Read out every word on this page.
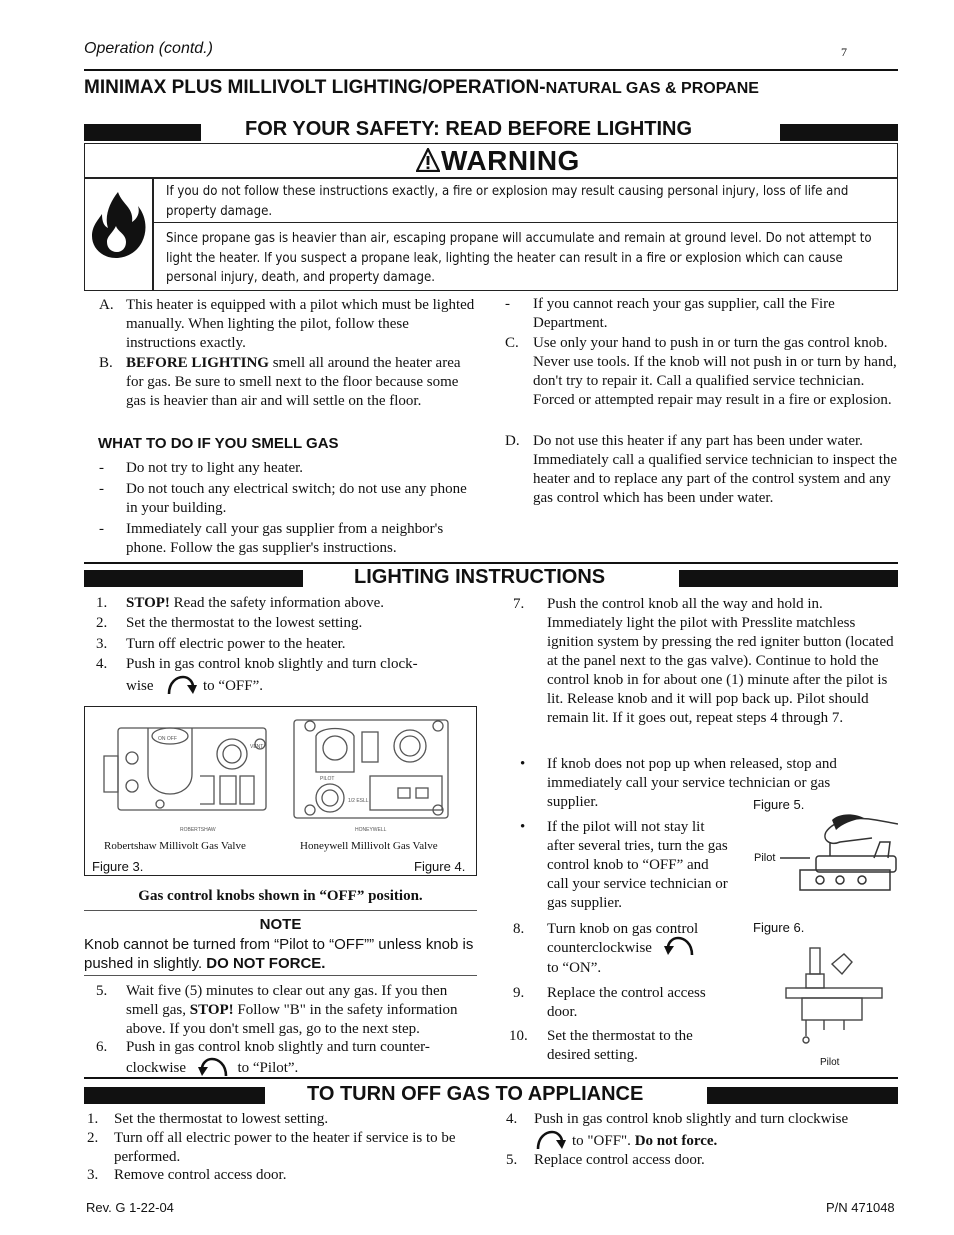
Operation (contd.)	7
MINIMAX PLUS MILLIVOLT LIGHTING/OPERATION-NATURAL GAS & PROPANE
FOR YOUR SAFETY: READ BEFORE LIGHTING
WARNING
If you do not follow these instructions exactly, a fire or explosion may result causing personal injury, loss of life and property damage.
Since propane gas is heavier than air, escaping propane will accumulate and remain at ground level. Do not attempt to light the heater. If you suspect a propane leak, lighting the heater can result in a fire or explosion which can cause personal injury, death, and property damage.
A. This heater is equipped with a pilot which must be lighted manually. When lighting the pilot, follow these instructions exactly.
B. BEFORE LIGHTING smell all around the heater area for gas. Be sure to smell next to the floor because some gas is heavier than air and will settle on the floor.
WHAT TO DO IF YOU SMELL GAS
- Do not try to light any heater.
- Do not touch any electrical switch; do not use any phone in your building.
- Immediately call your gas supplier from a neighbor's phone. Follow the gas supplier's instructions.
- If you cannot reach your gas supplier, call the Fire Department.
C. Use only your hand to push in or turn the gas control knob. Never use tools. If the knob will not push in or turn by hand, don't try to repair it. Call a qualified service technician. Forced or attempted repair may result in a fire or explosion.
D. Do not use this heater if any part has been under water. Immediately call a qualified service technician to inspect the heater and to replace any part of the control system and any gas control which has been under water.
LIGHTING INSTRUCTIONS
1. STOP! Read the safety information above.
2. Set the thermostat to the lowest setting.
3. Turn off electric power to the heater.
4. Push in gas control knob slightly and turn clock-
wise	to “OFF”.
VENT
ON OFF
ROBERTSHAW
PILOT
1/2 ESLL
HONEYWELL
Robertshaw Millivolt Gas Valve	Honeywell Millivolt Gas Valve
Figure 3.	Figure 4.
Gas control knobs shown in “OFF” position.
NOTE
Knob cannot be turned from “Pilot to “OFF”” unless knob is pushed in slightly. DO NOT FORCE.
5. Wait five (5) minutes to clear out any gas. If you then smell gas, STOP! Follow "B" in the safety information above. If you don't smell gas, go to the next step.
6. Push in gas control knob slightly and turn counter-
clockwise	to “Pilot”.
7. Push the control knob all the way and hold in. Immediately light the pilot with Presslite matchless ignition system by pressing the red igniter button (located at the panel next to the gas valve). Continue to hold the control knob in for about one (1) minute after the pilot is lit. Release knob and it will pop back up. Pilot should remain lit. If it goes out, repeat steps 4 through 7.
• If knob does not pop up when released, stop and immediately call your service technician or gas supplier.
• If the pilot will not stay lit after several tries, turn the gas control knob to “OFF” and call your service technician or gas supplier.
8. Turn knob on gas control counterclockwise
to “ON”.
9. Replace the control access door.
10. Set the thermostat to the desired setting.
Figure 5.
Pilot
Figure 6.
Pilot
TO TURN OFF GAS TO APPLIANCE
1. Set the thermostat to lowest setting.
2. Turn off all electric power to the heater if service is to be performed.
3. Remove control access door.
4. Push in gas control knob slightly and turn clockwise
to "OFF". Do not force.
5. Replace control access door.
Rev. G 1-22-04	P/N 471048
